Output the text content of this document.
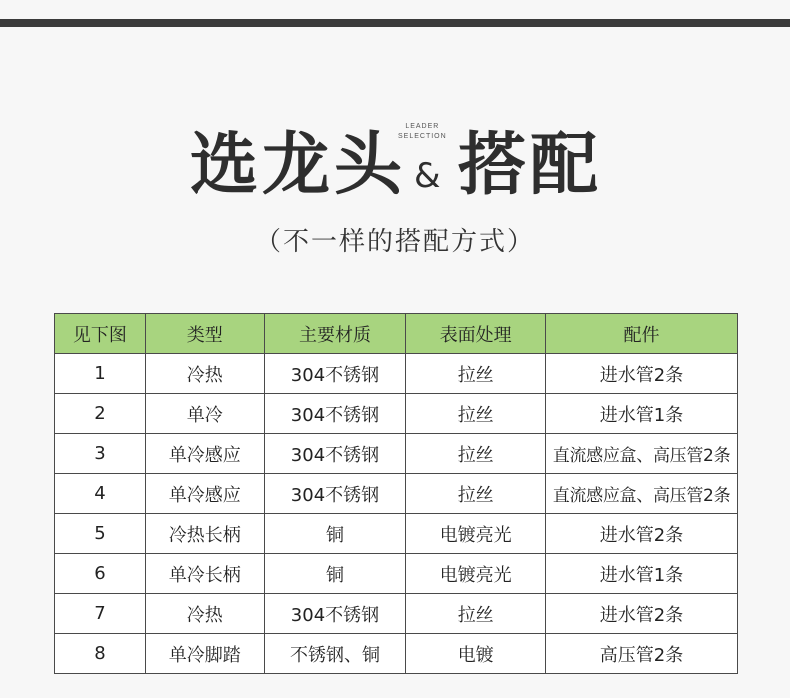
选龙头 LEADER
SELECTION
& 搭配
（不一样的搭配方式）
见下图	类型	主要材质	表面处理	配件
1	冷热	304不锈钢	拉丝	进水管2条
2	单冷	304不锈钢	拉丝	进水管1条
3	单冷感应	304不锈钢	拉丝	直流感应盒、高压管2条
4	单冷感应	304不锈钢	拉丝	直流感应盒、高压管2条
5	冷热长柄	铜	电镀亮光	进水管2条
6	单冷长柄	铜	电镀亮光	进水管1条
7	冷热	304不锈钢	拉丝	进水管2条
8	单冷脚踏	不锈钢、铜	电镀	高压管2条
